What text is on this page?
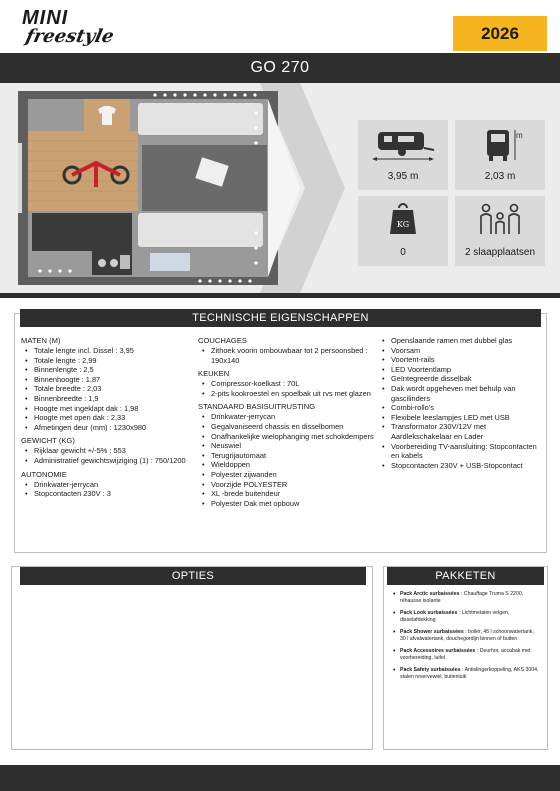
MINI
freestyle	2026
GO 270
3,95 m
m
2,03 m
KG
0	2 slaapplaatsen
TECHNISCHE EIGENSCHAPPEN
MATEN (M)
• Totale lengte incl. Dissel : 3,95
• Totale lengte : 2,99
• Binnenlengte : 2,5
• Binnenhoogte : 1,87
• Totale breedte : 2,03
• Binnenbreedte : 1,9
• Hoogte met ingeklapt dak : 1,98
• Hoogte met open dak : 2,33
• Afmetingen deur (mm) : 1230x980
GEWICHT (KG)
• Rijklaar gewicht +/-5% : 553
• Administratief gewichtswijziging (1) : 750/1200
AUTONOMIE
• Drinkwater-jerrycan
• Stopcontacten 230V : 3
COUCHAGES
• Zithoek voorin ombouwbaar tot 2 persoonsbed : 190x140
KEUKEN
• Compressor-koelkast : 70L
• 2-pits kookroestel en spoelbak uit rvs met glazen
STANDAARD BASISUITRUSTING
• Drinkwater-jerrycan
• Gegalvaniseerd chassis en disselbomen
• Onafhankelijke wielophanging met schokdempers
• Neuswiel
• Terugrijautomaat
• Wieldoppen
• Polyester zijwanden
• Voorzijde POLYESTER
• XL -brede buitendeur
• Polyester Dak met opbouw
• Openslaande ramen met dubbel glas
• Voorsam
• Voortent-rails
• LED Voortentlamp
• Geïntegreerde disselbak
• Dak wordt opgeheven met behulp van gascilinders
• Combi-rollo's
• Flexibele leeslampjes LED met USB
• Transformator 230V/12V met Aardlekschakelaar en Lader
• Voorbereiding TV-aansluiting: Stopcontacten en kabels
• Stopcontacten 230V + USB-Stopcontact
OPTIES	PAKKETEN
• Pack Arctic surbaissées : Chauffage Truma S 2200, réhausse isolante
• Pack Look surbaissées : Lichtmetalen velgen, disselafdekking
• Pack Shower surbaissées : boiler, 45 l schoonwatertank, 30 l afvalwatertank, douchegordijn binnen of buiten
• Pack Accessoires surbaissées : Deurhor, accubak met voorbereiding, luifel
• Pack Safety surbaissées : Antislingerkoppeling, AKS 3004, stalen reservewiel, buitenluik
